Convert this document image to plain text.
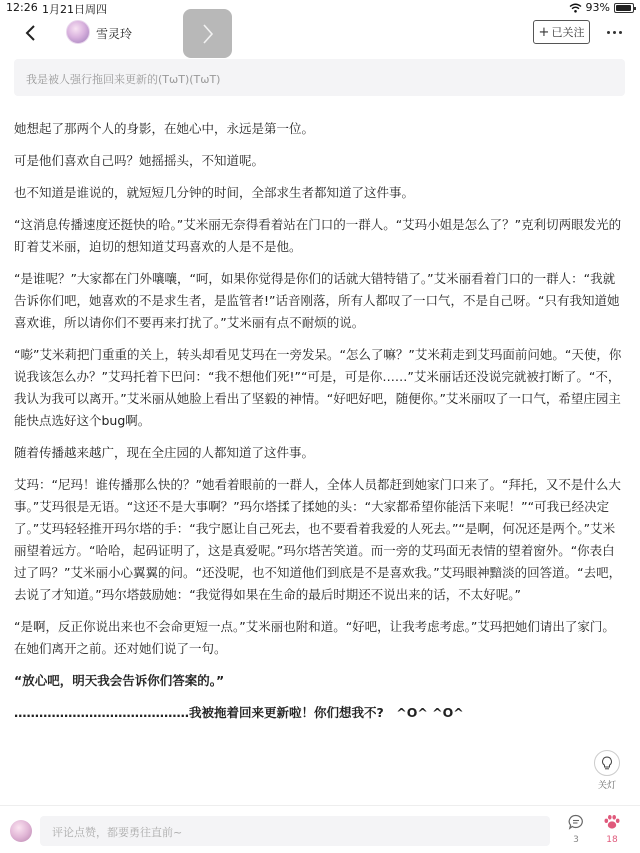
12:26 1月21日周四	93%
雪灵玲	+ 已关注
我是被人强行拖回来更新的(TωT)(TωT)

她想起了那两个人的身影，在她心中，永远是第一位。

可是他们喜欢自己吗？她摇摇头，不知道呢。

也不知道是谁说的，就短短几分钟的时间，全部求生者都知道了这件事。

“这消息传播速度还挺快的哈。”艾米丽无奈得看着站在门口的一群人。“艾玛小姐是怎么了？”克利切两眼发光的盯着艾米丽，迫切的想知道艾玛喜欢的人是不是他。

“是谁呢？”大家都在门外嚷嚷，“呵，如果你觉得是你们的话就大错特错了。”艾米丽看着门口的一群人：“我就告诉你们吧，她喜欢的不是求生者，是监管者!”话音刚落，所有人都叹了一口气，不是自己呀。“只有我知道她喜欢谁，所以请你们不要再来打扰了。”艾米丽有点不耐烦的说。

“嘭”艾米莉把门重重的关上，转头却看见艾玛在一旁发呆。“怎么了嘛？”艾米莉走到艾玛面前问她。“天使，你说我该怎么办？”艾玛托着下巴问：“我不想他们死!”“可是，可是你……”艾米丽话还没说完就被打断了。“不，我认为我可以离开。”艾米丽从她脸上看出了坚毅的神情。“好吧好吧，随便你。”艾米丽叹了一口气，希望庄园主能快点选好这个bug啊。

随着传播越来越广，现在全庄园的人都知道了这件事。

艾玛：“尼玛！谁传播那么快的？”她看着眼前的一群人，全体人员都赶到她家门口来了。“拜托，又不是什么大事。”艾玛很是无语。“这还不是大事啊？”玛尔塔揉了揉她的头：“大家都希望你能活下来呢！”“可我已经决定了。”艾玛轻轻推开玛尔塔的手：“我宁愿让自己死去，也不要看着我爱的人死去。”“是啊，何况还是两个。”艾米丽望着远方。“哈哈，起码证明了，这是真爱呢。”玛尔塔苦笑道。而一旁的艾玛面无表情的望着窗外。“你表白过了吗？”艾米丽小心翼翼的问。“还没呢，也不知道他们到底是不是喜欢我。”艾玛眼神黯淡的回答道。“去吧，去说了才知道。”玛尔塔鼓励她：“我觉得如果在生命的最后时期还不说出来的话，不太好呢。”

“是啊，反正你说出来也不会命更短一点。”艾米丽也附和道。“好吧，让我考虑考虑。”艾玛把她们请出了家门。在她们离开之前。还对她们说了一句。

“放心吧，明天我会告诉你们答案的。”

……………………………………我被拖着回来更新啦！你们想我不?　^O^ ^O^

关灯
评论点赞，都要勇往直前~
3	18
